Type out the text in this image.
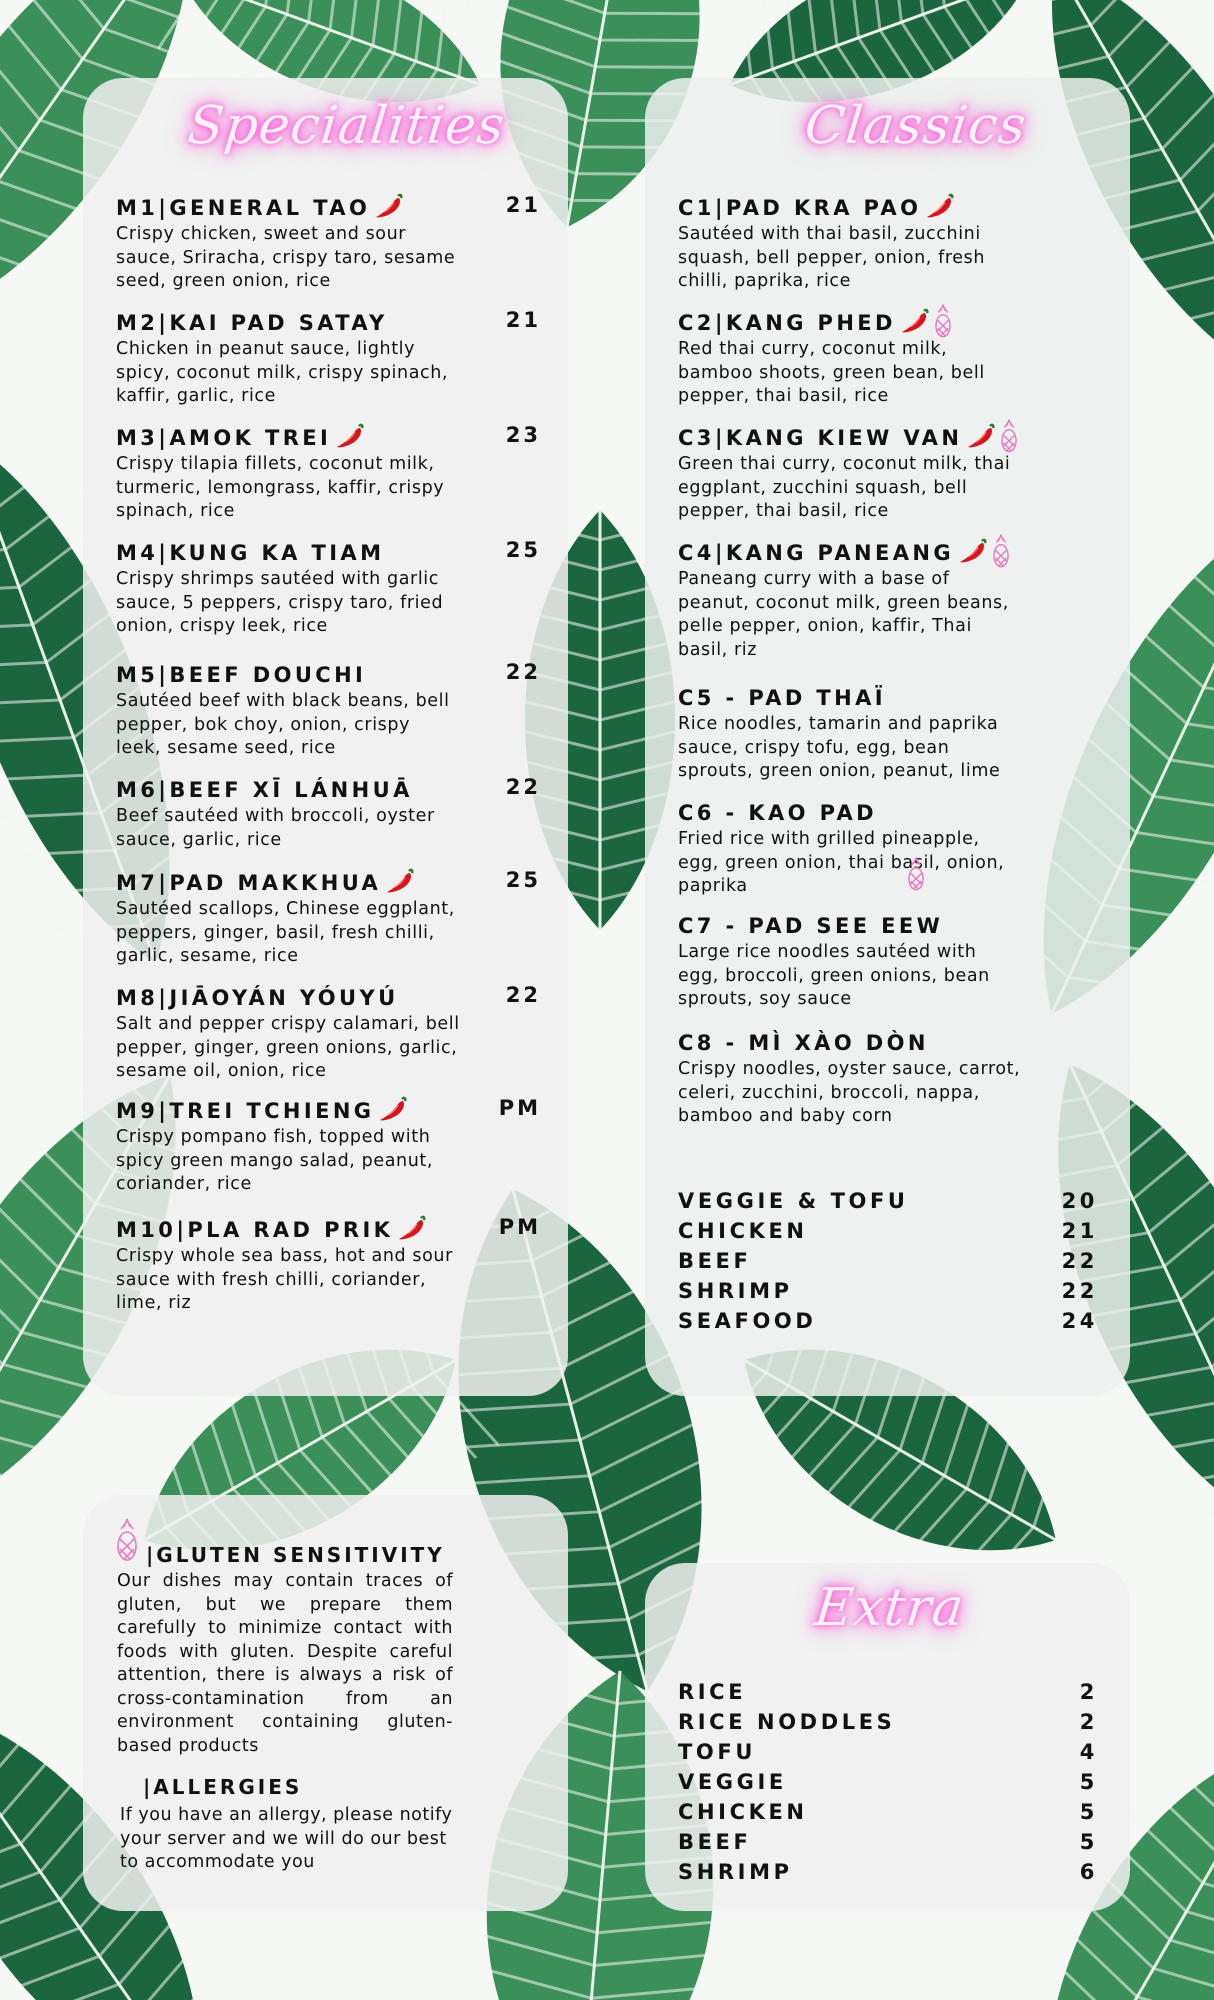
Specialities
M1|GENERAL TAO	21
Crispy chicken, sweet and sour sauce, Sriracha, crispy taro, sesame seed, green onion, rice
M2|KAI PAD SATAY	21
Chicken in peanut sauce, lightly spicy, coconut milk, crispy spinach, kaffir, garlic, rice
M3|AMOK TREI	23
Crispy tilapia fillets, coconut milk, turmeric, lemongrass, kaffir, crispy spinach, rice
M4|KUNG KA TIAM	25
Crispy shrimps sautéed with garlic sauce, 5 peppers, crispy taro, fried onion, crispy leek, rice
M5|BEEF DOUCHI	22
Sautéed beef with black beans, bell pepper, bok choy, onion, crispy leek, sesame seed, rice
M6|BEEF XĪ LÁNHUĀ	22
Beef sautéed with broccoli, oyster sauce, garlic, rice
M7|PAD MAKKHUA	25
Sautéed scallops, Chinese eggplant, peppers, ginger, basil, fresh chilli, garlic, sesame, rice
M8|JIĀOYÁN YÓUYÚ	22
Salt and pepper crispy calamari, bell pepper, ginger, green onions, garlic, sesame oil, onion, rice
M9|TREI TCHIENG	PM
Crispy pompano fish, topped with spicy green mango salad, peanut, coriander, rice
M10|PLA RAD PRIK	PM
Crispy whole sea bass, hot and sour sauce with fresh chilli, coriander, lime, riz
Classics
C1|PAD KRA PAO
Sautéed with thai basil, zucchini squash, bell pepper, onion, fresh chilli, paprika, rice
C2|KANG PHED
Red thai curry, coconut milk, bamboo shoots, green bean, bell pepper, thai basil, rice
C3|KANG KIEW VAN
Green thai curry, coconut milk, thai eggplant, zucchini squash, bell pepper, thai basil, rice
C4|KANG PANEANG
Paneang curry with a base of peanut, coconut milk, green beans, pelle pepper, onion, kaffir, Thai basil, riz
C5 - PAD THAÏ
Rice noodles, tamarin and paprika sauce, crispy tofu, egg, bean sprouts, green onion, peanut, lime
C6 - KAO PAD
Fried rice with grilled pineapple, egg, green onion, thai basil, onion, paprika
C7 - PAD SEE EEW
Large rice noodles sautéed with egg, broccoli, green onions, bean sprouts, soy sauce
C8 - MÌ XÀO DÒN
Crispy noodles, oyster sauce, carrot, celeri, zucchini, broccoli, nappa, bamboo and baby corn
VEGGIE & TOFU	20
CHICKEN	21
BEEF	22
SHRIMP	22
SEAFOOD	24
|GLUTEN SENSITIVITY
Our dishes may contain traces of gluten, but we prepare them carefully to minimize contact with foods with gluten. Despite careful attention, there is always a risk of cross-contamination from an environment containing gluten-based products
|ALLERGIES
If you have an allergy, please notify your server and we will do our best to accommodate you
Extra
RICE	2
RICE NODDLES	2
TOFU	4
VEGGIE	5
CHICKEN	5
BEEF	5
SHRIMP	6
